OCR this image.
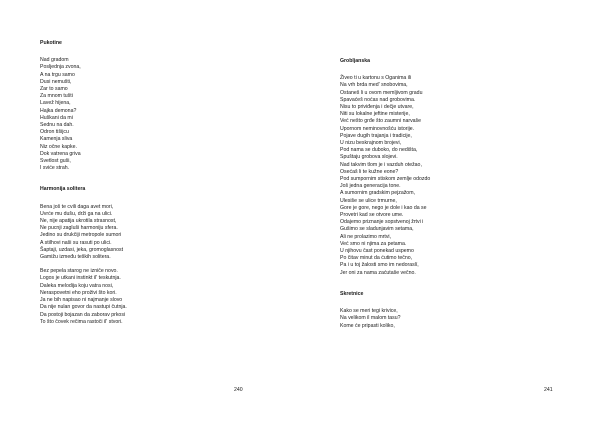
Pukotine
Nad gradom
Posljednja zvona,
A na trgu samo
Dusi nemušti,
Zar to samo
Za mnom tušti
Lavež hijena,
Hajka demona?
Huškani da mi
Sednu na dah.
Odron tišijcu
Kamenja sliva
Niz očne kapke.
Dok vatrena griva
Svetlost guši,
I sviće strah.
Harmonija solitera
Bena još te cvili daga avet mori,
Uvrće mu dušu, drži ga na ulici.
Ne, nije apatija ukrotila strasnost,
Ne pucnji zagluši harmoniju sfera.
Jedino su drukčiji metropole sumori
A stilhovi naši su rasuti po ulici.
Šaptaji, uzdasi, jeka, gromoglasnost
Gamižu između teških solitera.
Bez pepela starog ne izniče novo.
Logos je utkani instinkt il' teskutnja.
Daleka melodija koju vatra nosi,
Neraspovetni eho proživi što kori.
Ja ne bih napisao ni najmanje slovo
Da nije nulan govor da nastupi čutnja.
Da postoji bojazan da zaborav prkosi
To što čovek rečima rastoči il' stvori.
240
Grobljanska
Živeo ti u kartonu s Oganima ili
Na vrh brda med' snobovima,
Ostaneš li u ovom memljivom gradu
Spavaćeš noćas nad grobovima.
Nisu to priviđenja i dečje utvare,
Niti su lokalne jeftine misterije,
Već nešto grđe što zaumni narvaše
Upornom neminovnošću istorije.
Pojave dugih trajanja i tradicije,
U nizu beskrajnom brojevi,
Pod nama se duboko, do nedišta,
Spuštaju grobova slojevi.
Nad takvim tlom je i vazduh otežao,
Osećaš li te kužne eone?
Pod sumpornim stiskom zemlje odozdo
Još jedna generacija tone.
A sumornim gradskim pejzažom,
Ulesiše se ulice trmurne,
Gore je gore, nego je dole i kao da se
Provetri kad se otvore ume.
Odajemo priznanje sopstvenoj žrtvi i
Gušimo se sladunjavim setama,
Ali ne prolazimo mrtvi,
Već smo ni njima za petama.
U njihovu čast ponekad uspemo
Po čitav minut da ćutimo tečno,
Pa i u toj žalosti smo im nedoraslí,
Jer oni za nama zaćutaše večno.
Skretnice
Kako se meri tegi krivice,
Na velikom il malom tasu?
Kome će pripasti koliko,
241
